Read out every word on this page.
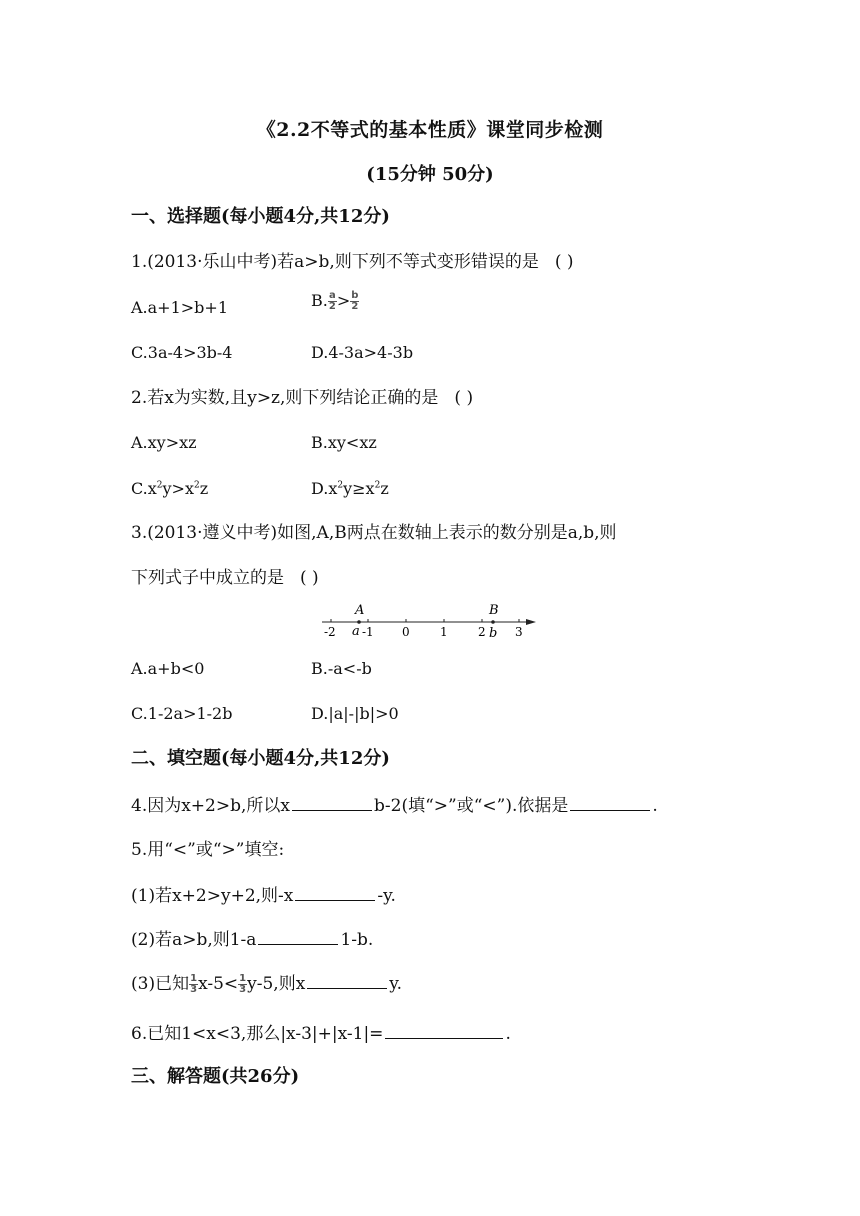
《2.2不等式的基本性质》课堂同步检测
(15分钟 50分)
一、选择题(每小题4分,共12分)
1.(2013·乐山中考)若a>b,则下列不等式变形错误的是 ( )
A.a+1>b+1	B. $\frac{a}{2} > \frac{b}{2}$
C.3a-4>3b-4	D.4-3a>4-3b
2.若x为实数,且y>z,则下列结论正确的是 ( )
A.xy>xz	B.xy<xz
$C.x^2y>x^2z$	$D.x^2y\ge x^2z$
3.(2013·遵义中考)如图,A,B两点在数轴上表示的数分别是a,b,则
下列式子中成立的是 ( )
A	B
a	b
-2 -1 0	1	2 3
A.a+b<0	B.-a<-b
C.1-2a>1-2b	D.|a|-|b|>0
二、填空题(每小题4分,共12分)
4.因为x+2>b,所以x	b-2(填“>”或“<”).依据是	.
5.用“<”或“>”填空:
(1)若x+2>y+2,则-x	-y.
(2)若a>b,则1-a	1-b.
(3)已知 $\frac{1}{3} x-5< \frac{1}{3} y-5$,则x	y.
6.已知1<x<3,那么|x-3|+|x-1|=	.
三、解答题(共26分)
